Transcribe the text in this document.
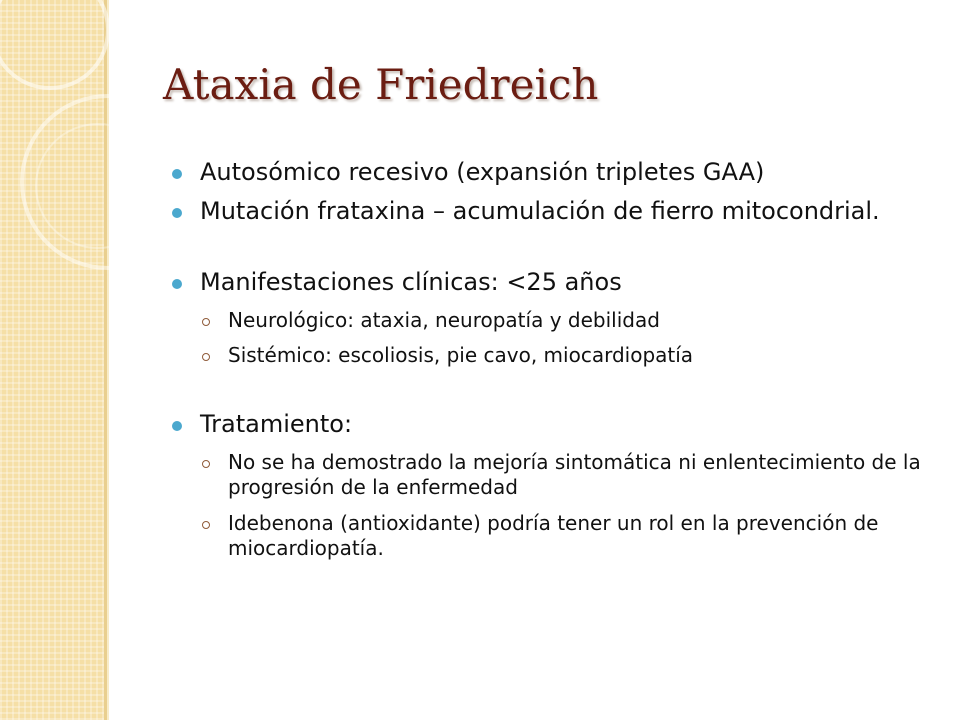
Ataxia de Friedreich
Autosómico recesivo (expansión tripletes GAA)
Mutación frataxina – acumulación de fierro mitocondrial.
Manifestaciones clínicas: <25 años
Neurológico: ataxia, neuropatía y debilidad
Sistémico: escoliosis, pie cavo, miocardiopatía
Tratamiento:
No se ha demostrado la mejoría sintomática ni enlentecimiento de la progresión de la enfermedad
Idebenona (antioxidante) podría tener un rol en la prevención de miocardiopatía.
